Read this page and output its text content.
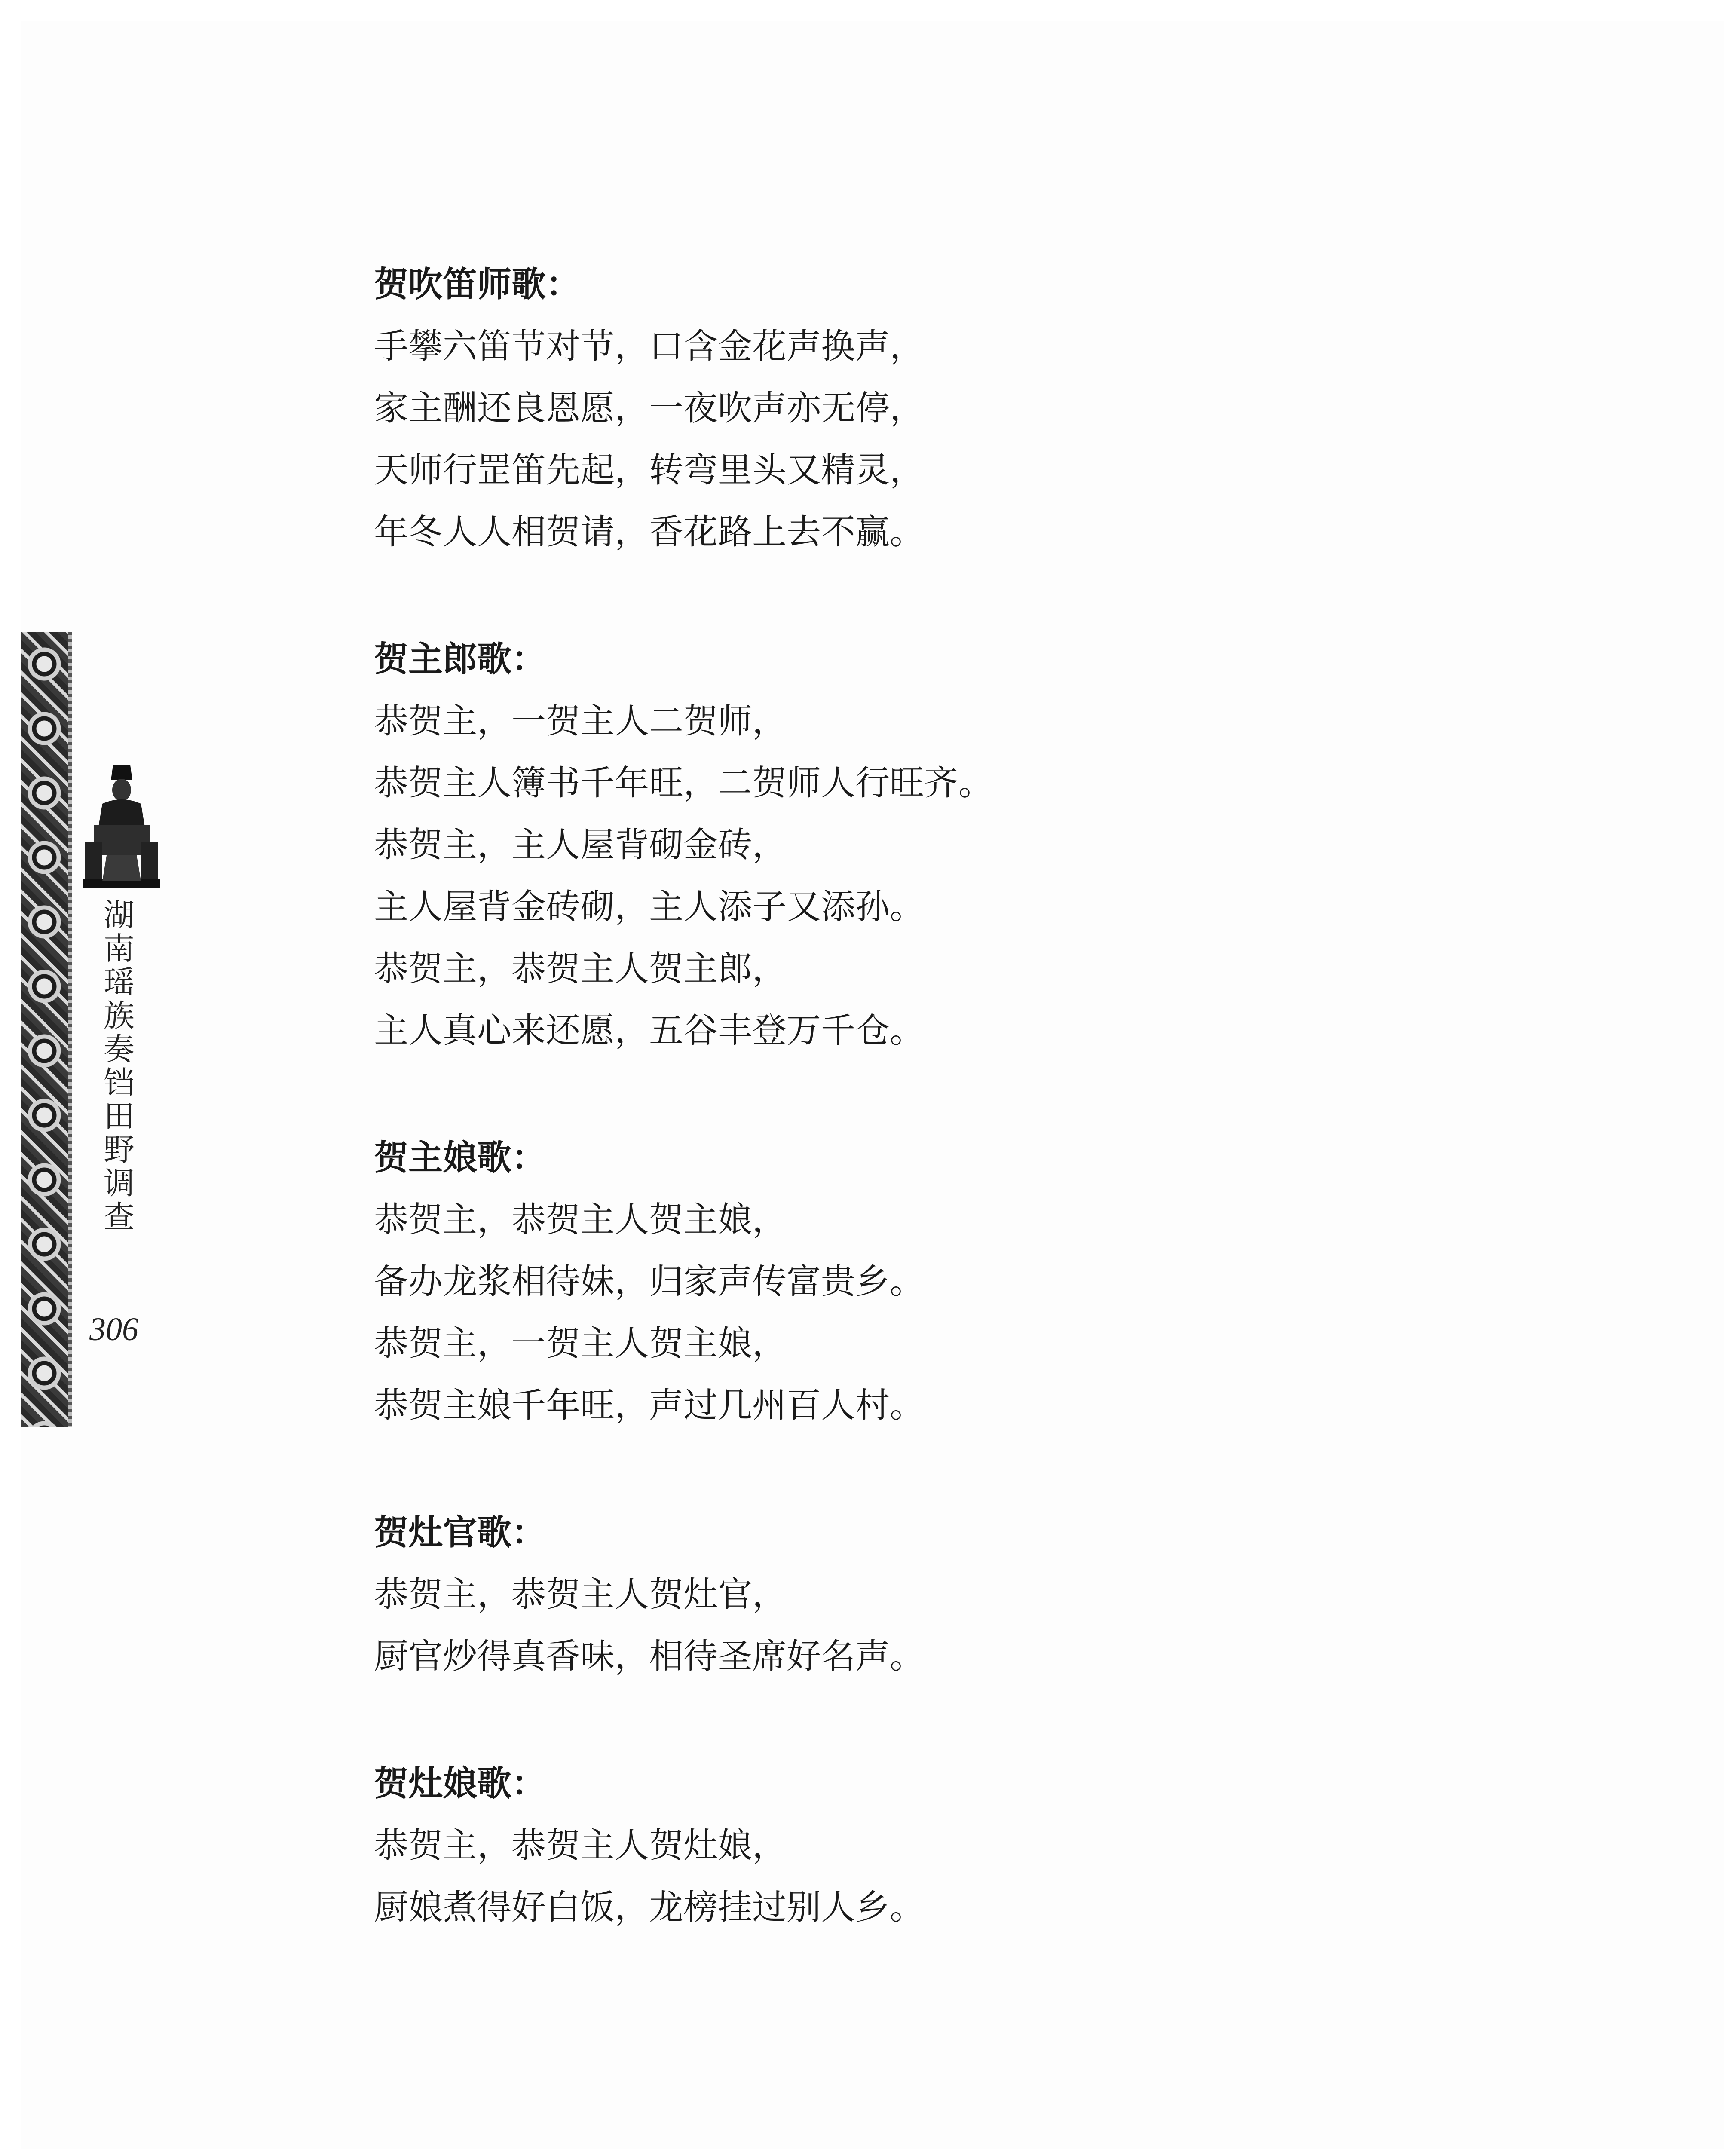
湖
南
瑶
族
奏
铛
田
野
调
查
306

贺吹笛师歌：

手攀六笛节对节，口含金花声换声，

家主酬还良恩愿，一夜吹声亦无停，

天师行罡笛先起，转弯里头又精灵，

年冬人人相贺请，香花路上去不赢。

贺主郎歌：

恭贺主，一贺主人二贺师，

恭贺主人簿书千年旺，二贺师人行旺齐。

恭贺主，主人屋背砌金砖，

主人屋背金砖砌，主人添子又添孙。

恭贺主，恭贺主人贺主郎，

主人真心来还愿，五谷丰登万千仓。

贺主娘歌：

恭贺主，恭贺主人贺主娘，

备办龙浆相待妹，归家声传富贵乡。

恭贺主，一贺主人贺主娘，

恭贺主娘千年旺，声过几州百人村。

贺灶官歌：

恭贺主，恭贺主人贺灶官，

厨官炒得真香味，相待圣席好名声。

贺灶娘歌：

恭贺主，恭贺主人贺灶娘，

厨娘煮得好白饭，龙榜挂过别人乡。
